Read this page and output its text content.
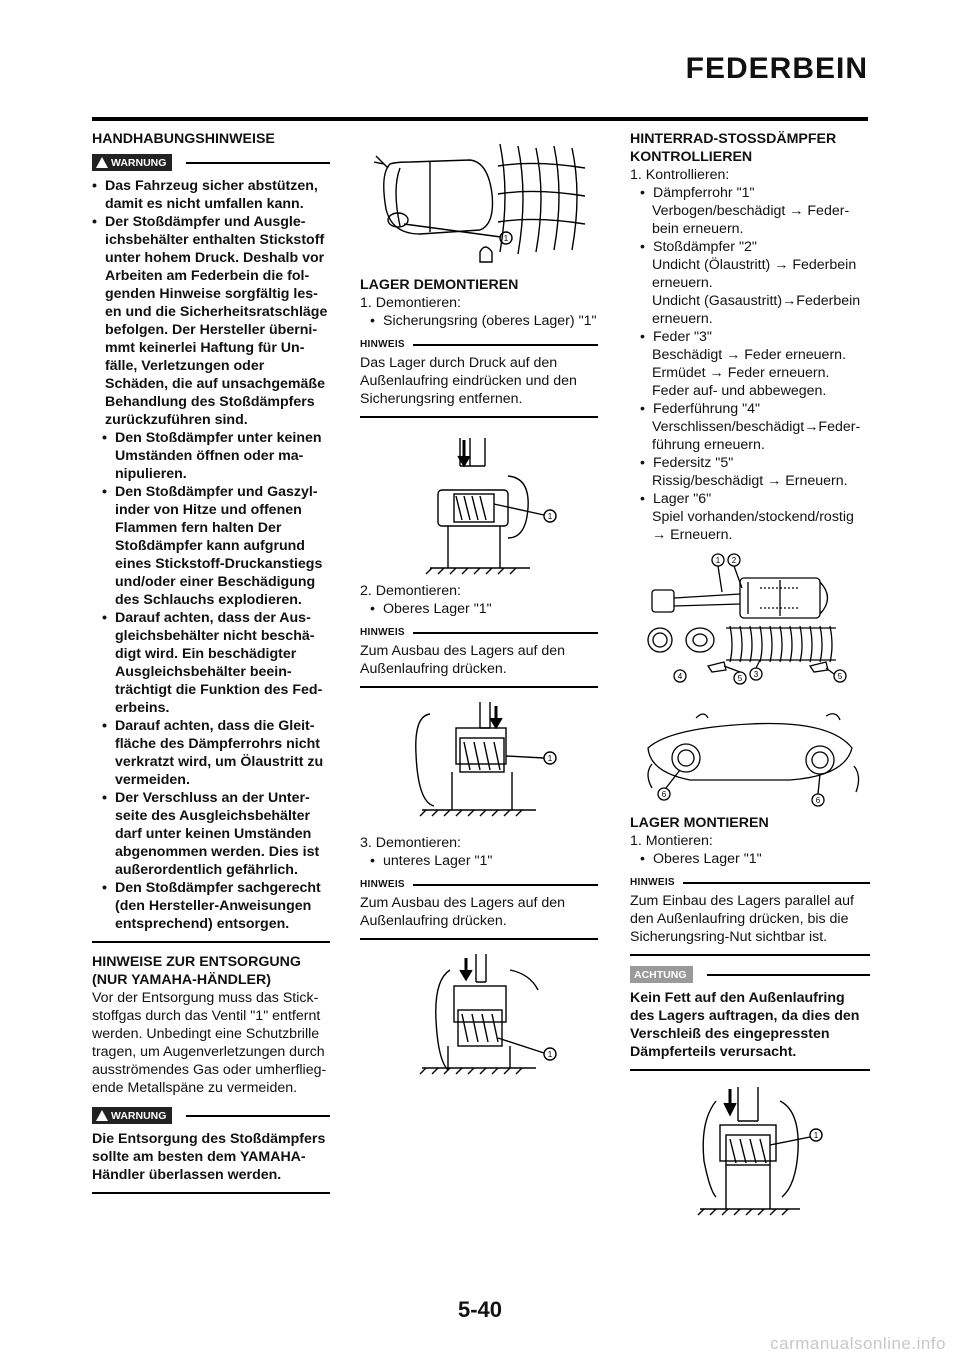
FEDERBEIN
HANDHABUNGSHINWEISE
WARNUNG
• Das Fahrzeug sicher abstützen, damit es nicht umfallen kann.
• Der Stoßdämpfer und Ausgle-ichsbehälter enthalten Stickstoff unter hohem Druck. Deshalb vor Arbeiten am Federbein die fol-genden Hinweise sorgfältig les-en und die Sicherheitsratschläge befolgen. Der Hersteller überni-mmt keinerlei Haftung für Un-fälle, Verletzungen oder Schäden, die auf unsachgemäße Behandlung des Stoßdämpfers zurückzuführen sind.
• Den Stoßdämpfer unter keinen Umständen öffnen oder ma-nipulieren.
• Den Stoßdämpfer und Gaszyl-inder von Hitze und offenen Flammen fern halten Der Stoßdämpfer kann aufgrund eines Stickstoff-Druckanstiegs und/oder einer Beschädigung des Schlauchs explodieren.
• Darauf achten, dass der Aus-gleichsbehälter nicht beschä-digt wird. Ein beschädigter Ausgleichsbehälter beein-trächtigt die Funktion des Fed-erbeins.
• Darauf achten, dass die Gleit-fläche des Dämpferrohrs nicht verkratzt wird, um Ölaustritt zu vermeiden.
• Der Verschluss an der Unter-seite des Ausgleichsbehälter darf unter keinen Umständen abgenommen werden. Dies ist außerordentlich gefährlich.
• Den Stoßdämpfer sachgerecht (den Hersteller-Anweisungen entsprechend) entsorgen.
HINWEISE ZUR ENTSORGUNG (NUR YAMAHA-HÄNDLER)
Vor der Entsorgung muss das Stick-stoffgas durch das Ventil "1" entfernt werden. Unbedingt eine Schutzbrille tragen, um Augenverletzungen durch ausströmendes Gas oder umherflieg-ende Metallspäne zu vermeiden.
WARNUNG
Die Entsorgung des Stoßdämpfers sollte am besten dem YAMAHA-Händler überlassen werden.
1
LAGER DEMONTIEREN
1. Demontieren:
• Sicherungsring (oberes Lager) "1"
HINWEIS
Das Lager durch Druck auf den Außenlaufring eindrücken und den Sicherungsring entfernen.
1
2. Demontieren:
• Oberes Lager "1"
HINWEIS
Zum Ausbau des Lagers auf den Außenlaufring drücken.
1
3. Demontieren:
• unteres Lager "1"
HINWEIS
Zum Ausbau des Lagers auf den Außenlaufring drücken.
1
HINTERRAD-STOSSDÄMPFER KONTROLLIEREN
1. Kontrollieren:
• Dämpferrohr "1"
Verbogen/beschädigt → Feder-bein erneuern.
• Stoßdämpfer "2"
Undicht (Ölaustritt) → Federbein erneuern.
Undicht (Gasaustritt)→Federbein erneuern.
• Feder "3"
Beschädigt → Feder erneuern.
Ermüdet → Feder erneuern.
Feder auf- und abbewegen.
• Federführung "4"
Verschlissen/beschädigt→Feder-führung erneuern.
• Federsitz "5"
Rissig/beschädigt → Erneuern.
• Lager "6"
Spiel vorhanden/stockend/rostig → Erneuern.
1 2
4	5 3	5
6
6
LAGER MONTIEREN
1. Montieren:
• Oberes Lager "1"
HINWEIS
Zum Einbau des Lagers parallel auf den Außenlaufring drücken, bis die Sicherungsring-Nut sichtbar ist.
ACHTUNG
Kein Fett auf den Außenlaufring des Lagers auftragen, da dies den Verschleiß des eingepressten Dämpferteils verursacht.
1
5-40
carmanualsonline.info
